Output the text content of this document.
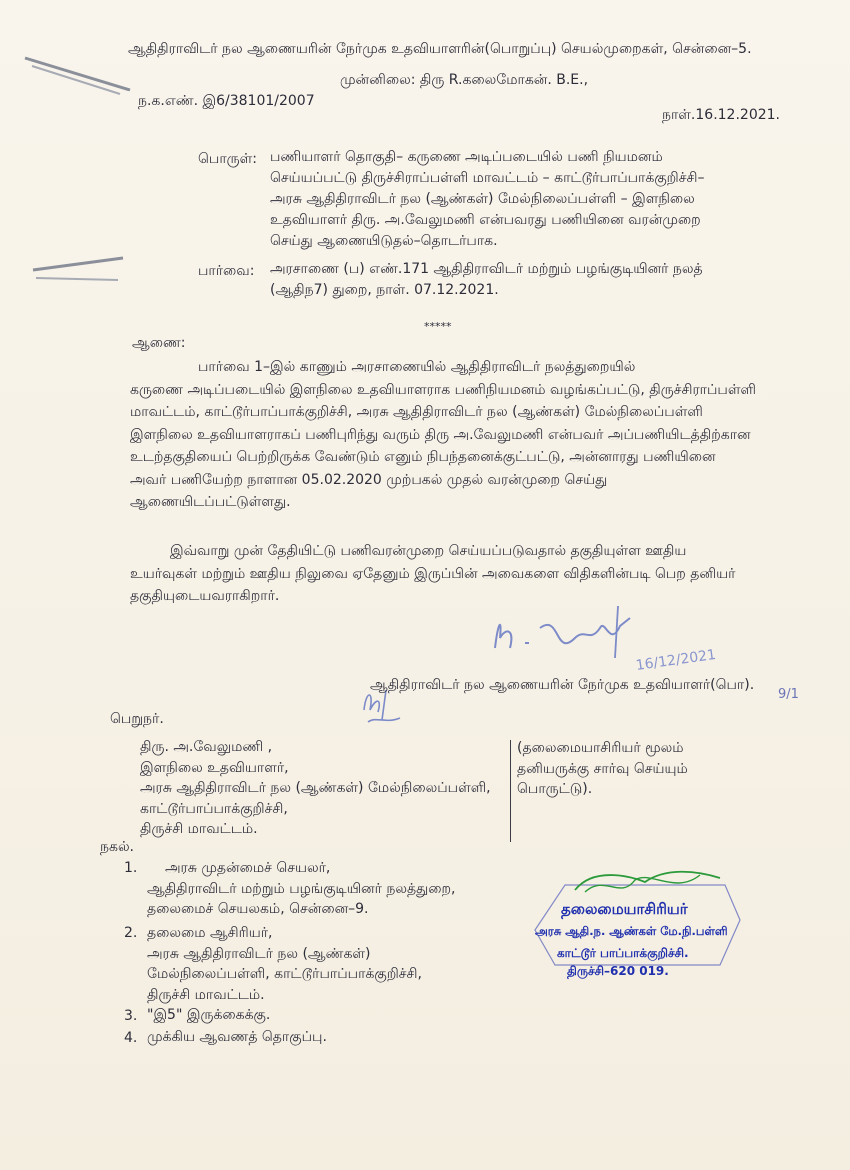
ஆதிதிராவிடர் நல ஆணையரின் நேர்முக உதவியாளரின்(பொறுப்பு) செயல்முறைகள், சென்னை–5.
முன்னிலை: திரு R.கலைமோகன். B.E.,
ந.க.எண். இ6/38101/2007
நாள்.16.12.2021.
பொருள்: பணியாளர் தொகுதி– கருணை அடிப்படையில் பணி நியமனம்
செய்யப்பட்டு திருச்சிராப்பள்ளி மாவட்டம் – காட்டூர்பாப்பாக்குறிச்சி–
அரசு ஆதிதிராவிடர் நல (ஆண்கள்) மேல்நிலைப்பள்ளி – இளநிலை
உதவியாளர் திரு. அ.வேலுமணி என்பவரது பணியினை வரன்முறை
செய்து ஆணையிடுதல்–தொடர்பாக.
பார்வை: அரசாணை (ப) எண்.171 ஆதிதிராவிடர் மற்றும் பழங்குடியினர் நலத்
(ஆதிந7) துறை, நாள். 07.12.2021.
*****
ஆணை:
பார்வை 1–இல் காணும் அரசாணையில் ஆதிதிராவிடர் நலத்துறையில்
கருணை அடிப்படையில் இளநிலை உதவியாளராக பணிநியமனம் வழங்கப்பட்டு, திருச்சிராப்பள்ளி
மாவட்டம், காட்டூர்பாப்பாக்குறிச்சி, அரசு ஆதிதிராவிடர் நல (ஆண்கள்) மேல்நிலைப்பள்ளி
இளநிலை உதவியாளராகப் பணிபுரிந்து வரும் திரு அ.வேலுமணி என்பவர் அப்பணியிடத்திற்கான
உடற்தகுதியைப் பெற்றிருக்க வேண்டும் எனும் நிபந்தனைக்குட்பட்டு, அன்னாரது பணியினை
அவர் பணியேற்ற நாளான 05.02.2020 முற்பகல் முதல் வரன்முறை செய்து
ஆணையிடப்பட்டுள்ளது.
இவ்வாறு முன் தேதியிட்டு பணிவரன்முறை செய்யப்படுவதால் தகுதியுள்ள ஊதிய
உயர்வுகள் மற்றும் ஊதிய நிலுவை ஏதேனும் இருப்பின் அவைகளை விதிகளின்படி பெற தனியர்
தகுதியுடையவராகிறார்.
16/12/2021
ஆதிதிராவிடர் நல ஆணையரின் நேர்முக உதவியாளர்(பொ).
9/1
பெறுநர்.
திரு. அ.வேலுமணி ,
இளநிலை உதவியாளர்,
அரசு ஆதிதிராவிடர் நல (ஆண்கள்) மேல்நிலைப்பள்ளி,
காட்டூர்பாப்பாக்குறிச்சி,
திருச்சி மாவட்டம்.
(தலைமையாசிரியர் மூலம்
தனியருக்கு சார்வு செய்யும்
பொருட்டு).
நகல்.
1. அரசு முதன்மைச் செயலர்,
ஆதிதிராவிடர் மற்றும் பழங்குடியினர் நலத்துறை,
தலைமைச் செயலகம், சென்னை–9.
2. தலைமை ஆசிரியர்,
அரசு ஆதிதிராவிடர் நல (ஆண்கள்)
மேல்நிலைப்பள்ளி, காட்டூர்பாப்பாக்குறிச்சி,
திருச்சி மாவட்டம்.
3. "இ5" இருக்கைக்கு.
4. முக்கிய ஆவணத் தொகுப்பு.
தலைமையாசிரியர்
அரசு ஆதி.ந. ஆண்கள் மே.நி.பள்ளி
காட்டூர் பாப்பாக்குறிச்சி.
திருச்சி–620 019.
